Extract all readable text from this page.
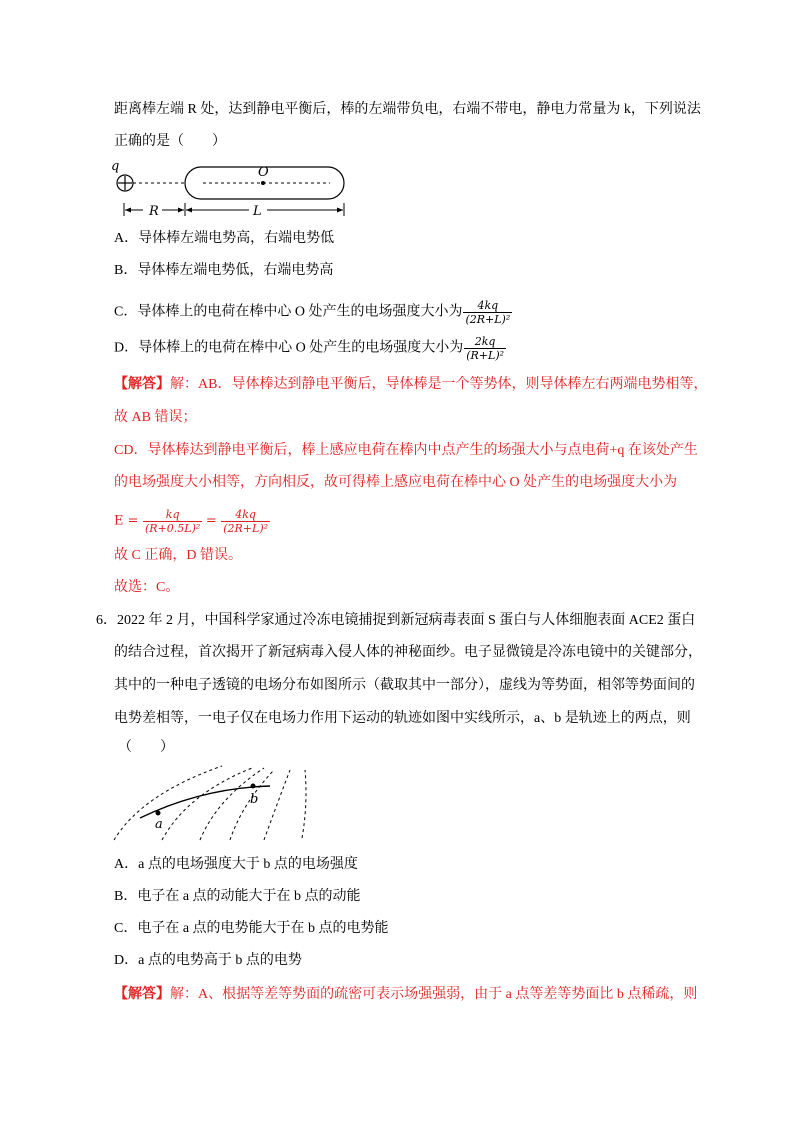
距离棒左端 R 处，达到静电平衡后，棒的左端带负电，右端不带电，静电力常量为 k，下列说法
正确的是（　　）
q	O
R	L
A．导体棒左端电势高，右端电势低
B．导体棒左端电势低，右端电势高
C．导体棒上的电荷在棒中心 O 处产生的电场强度大小为 $\frac{4kq}{\text{(2R+L)²}}$
D．导体棒上的电荷在棒中心 O 处产生的电场强度大小为 $\frac{2kq}{\text{(R+L)²}}$
【解答】解：AB．导体棒达到静电平衡后，导体棒是一个等势体，则导体棒左右两端电势相等，
故 AB 错误；
CD．导体棒达到静电平衡后，棒上感应电荷在棒内中点产生的场强大小与点电荷+q 在该处产生
的电场强度大小相等，方向相反，故可得棒上感应电荷在棒中心 O 处产生的电场强度大小为
$E = \frac{kq}{\text{(R+0.5L)²}} = \frac{4kq}{\text{(2R+L)²}}$
故 C 正确，D 错误。
故选：C。
6．2022 年 2 月，中国科学家通过冷冻电镜捕捉到新冠病毒表面 S 蛋白与人体细胞表面 ACE2 蛋白
的结合过程，首次揭开了新冠病毒入侵人体的神秘面纱。电子显微镜是冷冻电镜中的关键部分，
其中的一种电子透镜的电场分布如图所示（截取其中一部分），虚线为等势面，相邻等势面间的
电势差相等，一电子仅在电场力作用下运动的轨迹如图中实线所示，a、b 是轨迹上的两点，则
（　　）
a
b
A．a 点的电场强度大于 b 点的电场强度
B．电子在 a 点的动能大于在 b 点的动能
C．电子在 a 点的电势能大于在 b 点的电势能
D．a 点的电势高于 b 点的电势
【解答】解：A、根据等差等势面的疏密可表示场强强弱，由于 a 点等差等势面比 b 点稀疏，则
